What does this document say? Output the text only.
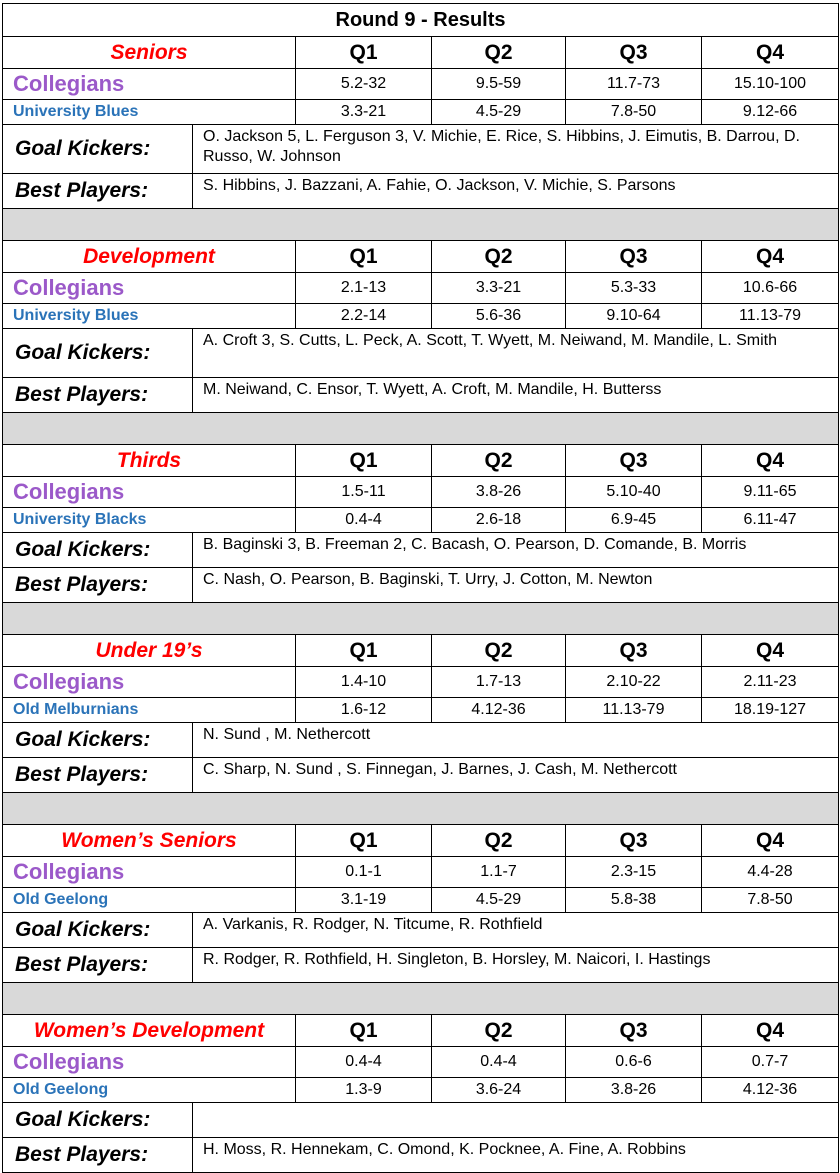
Round 9 - Results					
Seniors		Q1	Q2	Q3	Q4
Collegians		5.2-32	9.5-59	11.7-73	15.10-100
University Blues		3.3-21	4.5-29	7.8-50	9.12-66
Goal Kickers:	O. Jackson 5, L. Ferguson 3, V. Michie, E. Rice, S. Hibbins, J. Eimutis, B. Darrou, D. Russo, W. Johnson				
Best Players:	S. Hibbins, J. Bazzani, A. Fahie, O. Jackson, V. Michie, S. Parsons				

Development		Q1	Q2	Q3	Q4
Collegians		2.1-13	3.3-21	5.3-33	10.6-66
University Blues		2.2-14	5.6-36	9.10-64	11.13-79
Goal Kickers:	A. Croft 3, S. Cutts, L. Peck, A. Scott, T. Wyett, M. Neiwand, M. Mandile, L. Smith				
Best Players:	M. Neiwand, C. Ensor, T. Wyett, A. Croft, M. Mandile, H. Butterss				

Thirds		Q1	Q2	Q3	Q4
Collegians		1.5-11	3.8-26	5.10-40	9.11-65
University Blacks		0.4-4	2.6-18	6.9-45	6.11-47
Goal Kickers:	B. Baginski 3, B. Freeman 2, C. Bacash, O. Pearson, D. Comande, B. Morris				
Best Players:	C. Nash, O. Pearson, B. Baginski, T. Urry, J. Cotton, M. Newton				

Under 19’s		Q1	Q2	Q3	Q4
Collegians		1.4-10	1.7-13	2.10-22	2.11-23
Old Melburnians		1.6-12	4.12-36	11.13-79	18.19-127
Goal Kickers:	N. Sund , M. Nethercott				
Best Players:	C. Sharp, N. Sund , S. Finnegan, J. Barnes, J. Cash, M. Nethercott				

Women’s Seniors		Q1	Q2	Q3	Q4
Collegians		0.1-1	1.1-7	2.3-15	4.4-28
Old Geelong		3.1-19	4.5-29	5.8-38	7.8-50
Goal Kickers:	A. Varkanis, R. Rodger, N. Titcume, R. Rothfield				
Best Players:	R. Rodger, R. Rothfield, H. Singleton, B. Horsley, M. Naicori, I. Hastings				

Women’s Development		Q1	Q2	Q3	Q4
Collegians		0.4-4	0.4-4	0.6-6	0.7-7
Old Geelong		1.3-9	3.6-24	3.8-26	4.12-36
Goal Kickers:					
Best Players:	H. Moss, R. Hennekam, C. Omond, K. Pocknee, A. Fine, A. Robbins				
